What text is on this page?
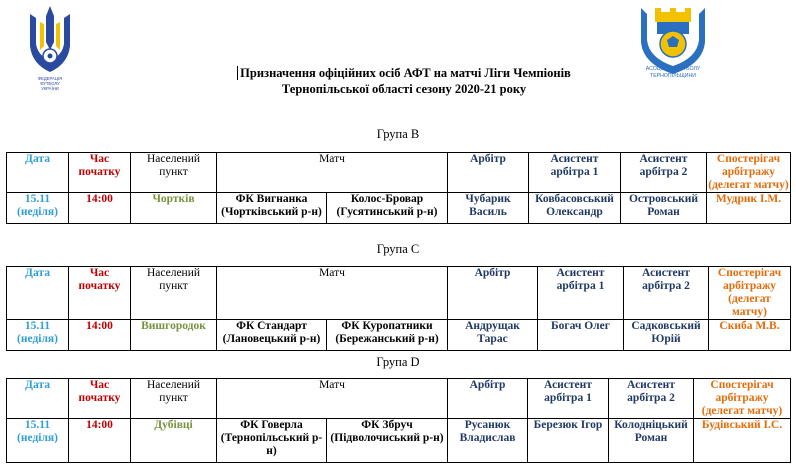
ФЕДЕРАЦІЯ
ФУТБОЛУ
УКРАЇНИ
АСОЦІАЦІЯ ФУТБОЛУ
ТЕРНОПІЛЬЩИНИ
Призначення офіційних осіб АФТ на матчі Ліги Чемпіонів
Тернопільської області сезону 2020-21 року
Група B
Дата	Час початку	Населений пункт	Матч		Арбітр	Асистент арбітра 1	Асистент арбітра 2	Спостерігач арбітражу (делегат матчу)
15.11 (неділя)	14:00	Чортків	ФК Вигнанка (Чортківський р-н)	Колос-Бровар (Гусятинський р-н)	Чубарик Василь	Ковбасовський Олександр	Островський Роман	Мудрик І.М.
Група C
Дата	Час початку	Населений пункт	Матч		Арбітр	Асистент арбітра 1	Асистент арбітра 2	Спостерігач арбітражу (делегат матчу)
15.11 (неділя)	14:00	Вишгородок	ФК Стандарт (Лановецький р-н)	ФК Куропатники (Бережанський р-н)	Андрущак Тарас	Богач Олег	Садковський Юрій	Скиба М.В.
Група D
Дата	Час початку	Населений пункт	Матч		Арбітр	Асистент арбітра 1	Асистент арбітра 2	Спостерігач арбітражу (делегат матчу)
15.11 (неділя)	14:00	Дубівці	ФК Говерла (Тернопільський р-н)	ФК Збруч (Підволочиський р-н)	Русанюк Владислав	Березюк Ігор	Колодніцький Роман	Будівський І.С.
